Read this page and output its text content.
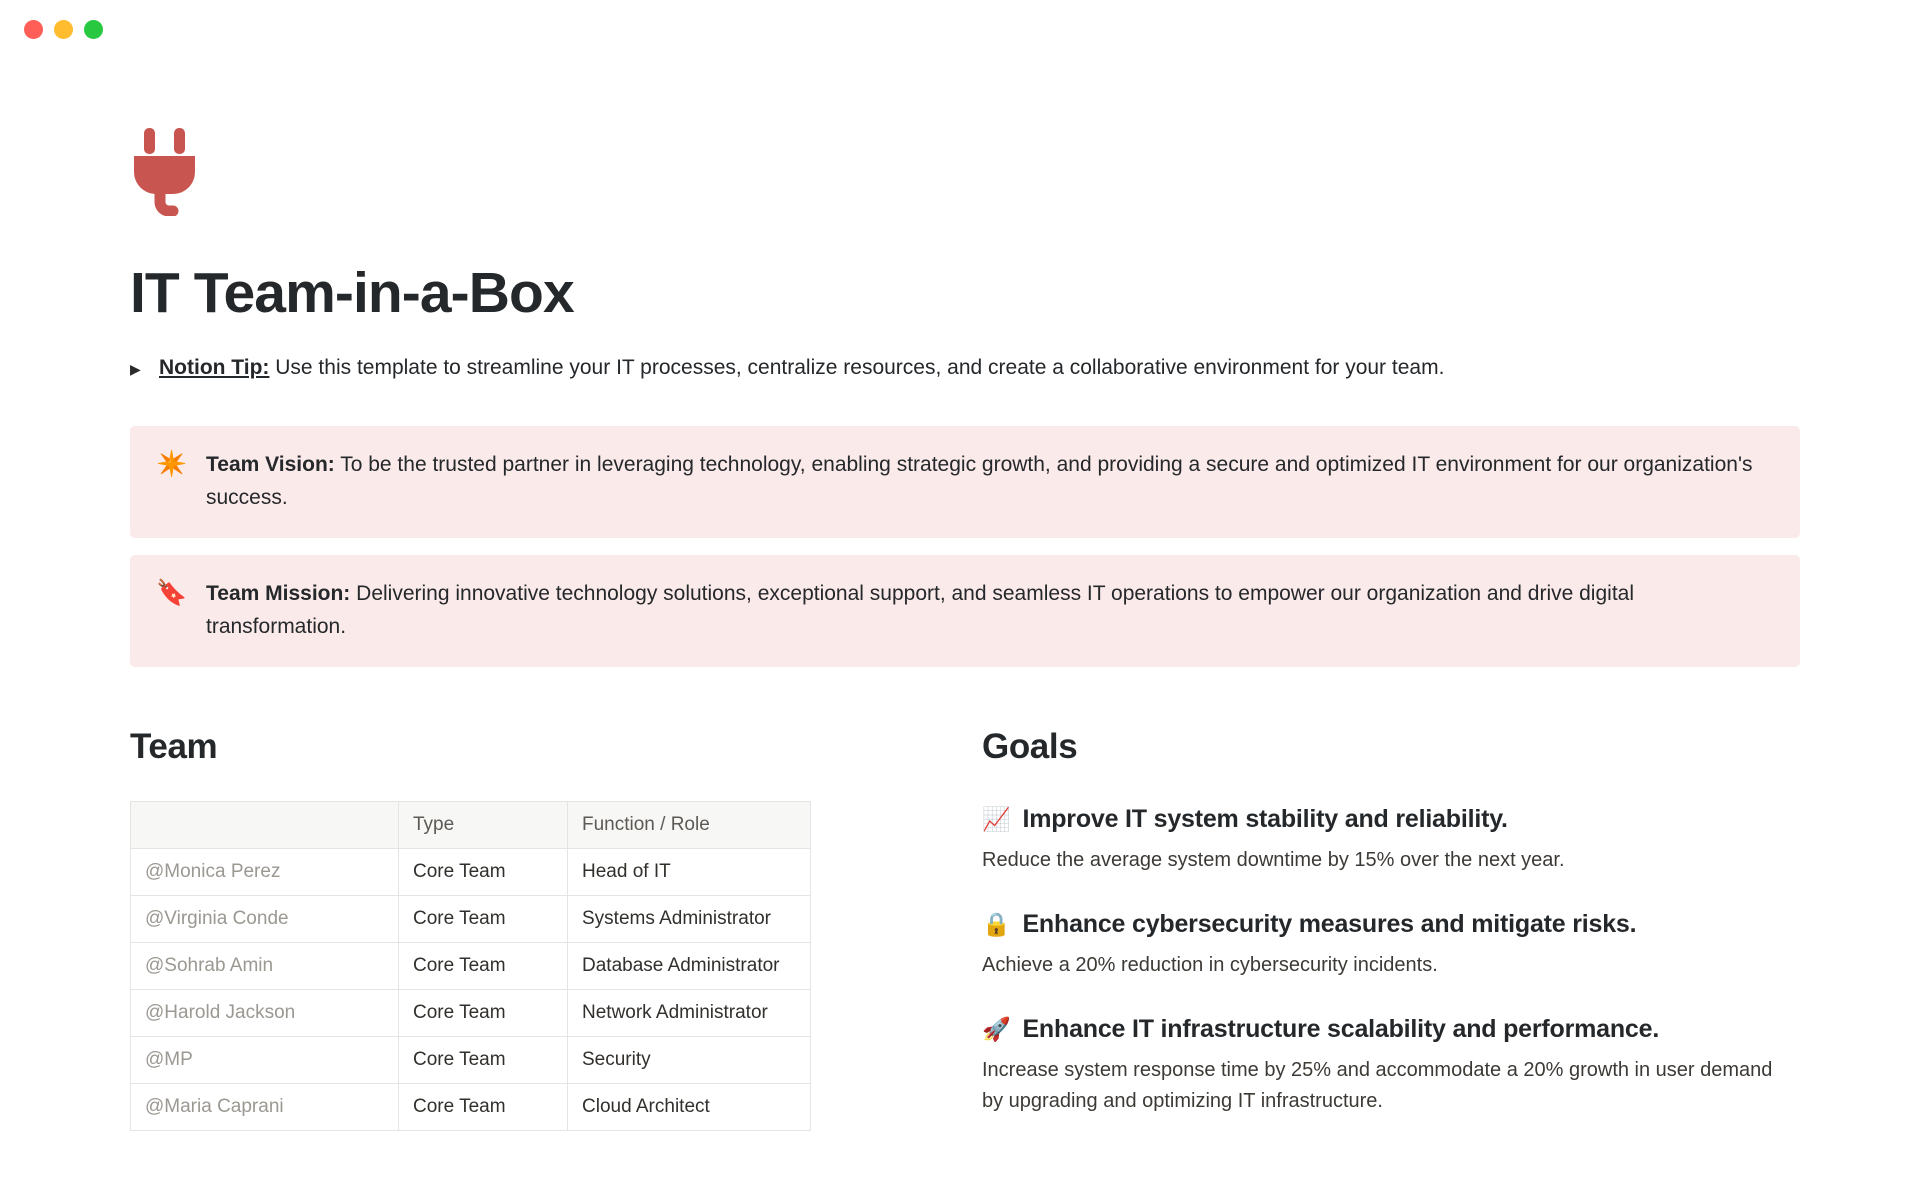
IT Team-in-a-Box
▶ Notion Tip: Use this template to streamline your IT processes, centralize resources, and create a collaborative environment for your team.
✴️ Team Vision: To be the trusted partner in leveraging technology, enabling strategic growth, and providing a secure and optimized IT environment for our organization's success.
🔖 Team Mission: Delivering innovative technology solutions, exceptional support, and seamless IT operations to empower our organization and drive digital transformation.
Team
	Type	Function / Role
@Monica Perez	Core Team	Head of IT
@Virginia Conde	Core Team	Systems Administrator
@Sohrab Amin	Core Team	Database Administrator
@Harold Jackson	Core Team	Network Administrator
@MP	Core Team	Security
@Maria Caprani	Core Team	Cloud Architect
Goals
📈 Improve IT system stability and reliability.
Reduce the average system downtime by 15% over the next year.
🔒 Enhance cybersecurity measures and mitigate risks.
Achieve a 20% reduction in cybersecurity incidents.
🚀 Enhance IT infrastructure scalability and performance.
Increase system response time by 25% and accommodate a 20% growth in user demand by upgrading and optimizing IT infrastructure.
